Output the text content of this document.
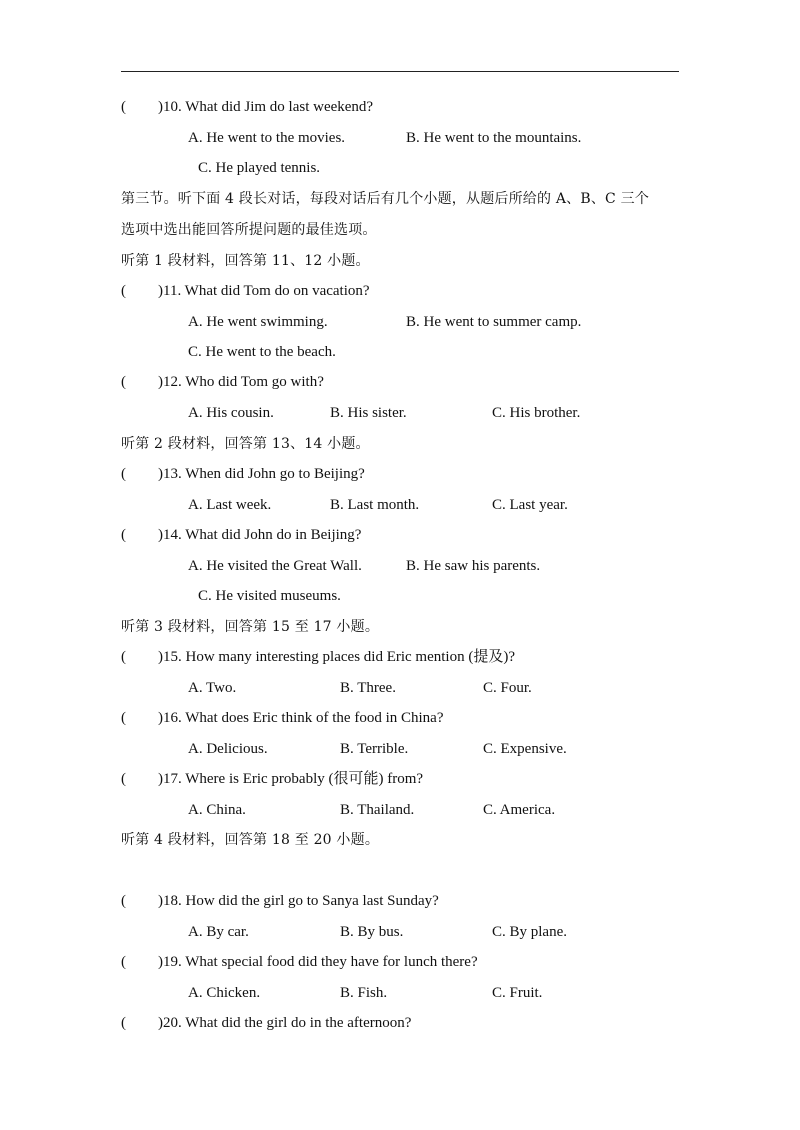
( )10. What did Jim do last weekend?
A. He went to the movies.	B. He went to the mountains.
C. He played tennis.
第三节。听下面 4 段长对话，每段对话后有几个小题，从题后所给的 A、B、C 三个
选项中选出能回答所提问题的最佳选项。
听第 1 段材料，回答第 11、12 小题。
( )11. What did Tom do on vacation?
A. He went swimming.	B. He went to summer camp.
C. He went to the beach.
( )12. Who did Tom go with?
A. His cousin.	B. His sister.	C. His brother.
听第 2 段材料，回答第 13、14 小题。
( )13. When did John go to Beijing?
A. Last week.	B. Last month.	C. Last year.
( )14. What did John do in Beijing?
A. He visited the Great Wall.	B. He saw his parents.
C. He visited museums.
听第 3 段材料，回答第 15 至 17 小题。
( )15. How many interesting places did Eric mention (提及)?
A. Two.	B. Three.	C. Four.
( )16. What does Eric think of the food in China?
A. Delicious.	B. Terrible.	C. Expensive.
( )17. Where is Eric probably (很可能) from?
A. China.	B. Thailand.	C. America.
听第 4 段材料，回答第 18 至 20 小题。
( )18. How did the girl go to Sanya last Sunday?
A. By car.	B. By bus.	C. By plane.
( )19. What special food did they have for lunch there?
A. Chicken.	B. Fish.	C. Fruit.
( )20. What did the girl do in the afternoon?
